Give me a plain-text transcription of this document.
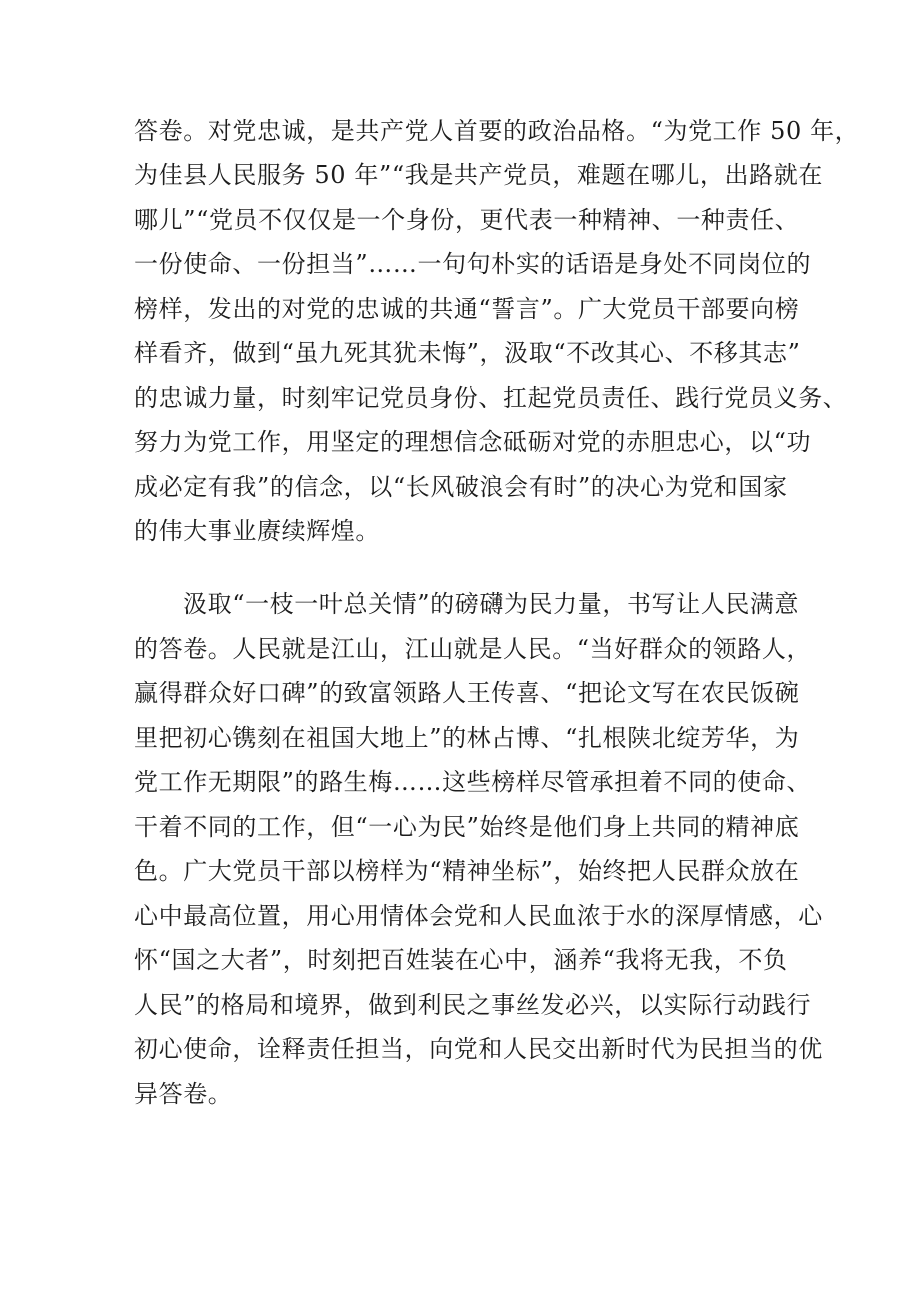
答卷。对党忠诚，是共产党人首要的政治品格。“为党工作 50 年，
为佳县人民服务 50 年”“我是共产党员，难题在哪儿，出路就在
哪儿”“党员不仅仅是一个身份，更代表一种精神、一种责任、
一份使命、一份担当”……一句句朴实的话语是身处不同岗位的
榜样，发出的对党的忠诚的共通“誓言”。广大党员干部要向榜
样看齐，做到“虽九死其犹未悔”，汲取“不改其心、不移其志”
的忠诚力量，时刻牢记党员身份、扛起党员责任、践行党员义务、
努力为党工作，用坚定的理想信念砥砺对党的赤胆忠心，以“功
成必定有我”的信念，以“长风破浪会有时”的决心为党和国家
的伟大事业赓续辉煌。
汲取“一枝一叶总关情”的磅礴为民力量，书写让人民满意
的答卷。人民就是江山，江山就是人民。“当好群众的领路人，
赢得群众好口碑”的致富领路人王传喜、“把论文写在农民饭碗
里把初心镌刻在祖国大地上”的林占博、“扎根陕北绽芳华，为
党工作无期限”的路生梅……这些榜样尽管承担着不同的使命、
干着不同的工作，但“一心为民”始终是他们身上共同的精神底
色。广大党员干部以榜样为“精神坐标”，始终把人民群众放在
心中最高位置，用心用情体会党和人民血浓于水的深厚情感，心
怀“国之大者”，时刻把百姓装在心中，涵养“我将无我，不负
人民”的格局和境界，做到利民之事丝发必兴，以实际行动践行
初心使命，诠释责任担当，向党和人民交出新时代为民担当的优
异答卷。
